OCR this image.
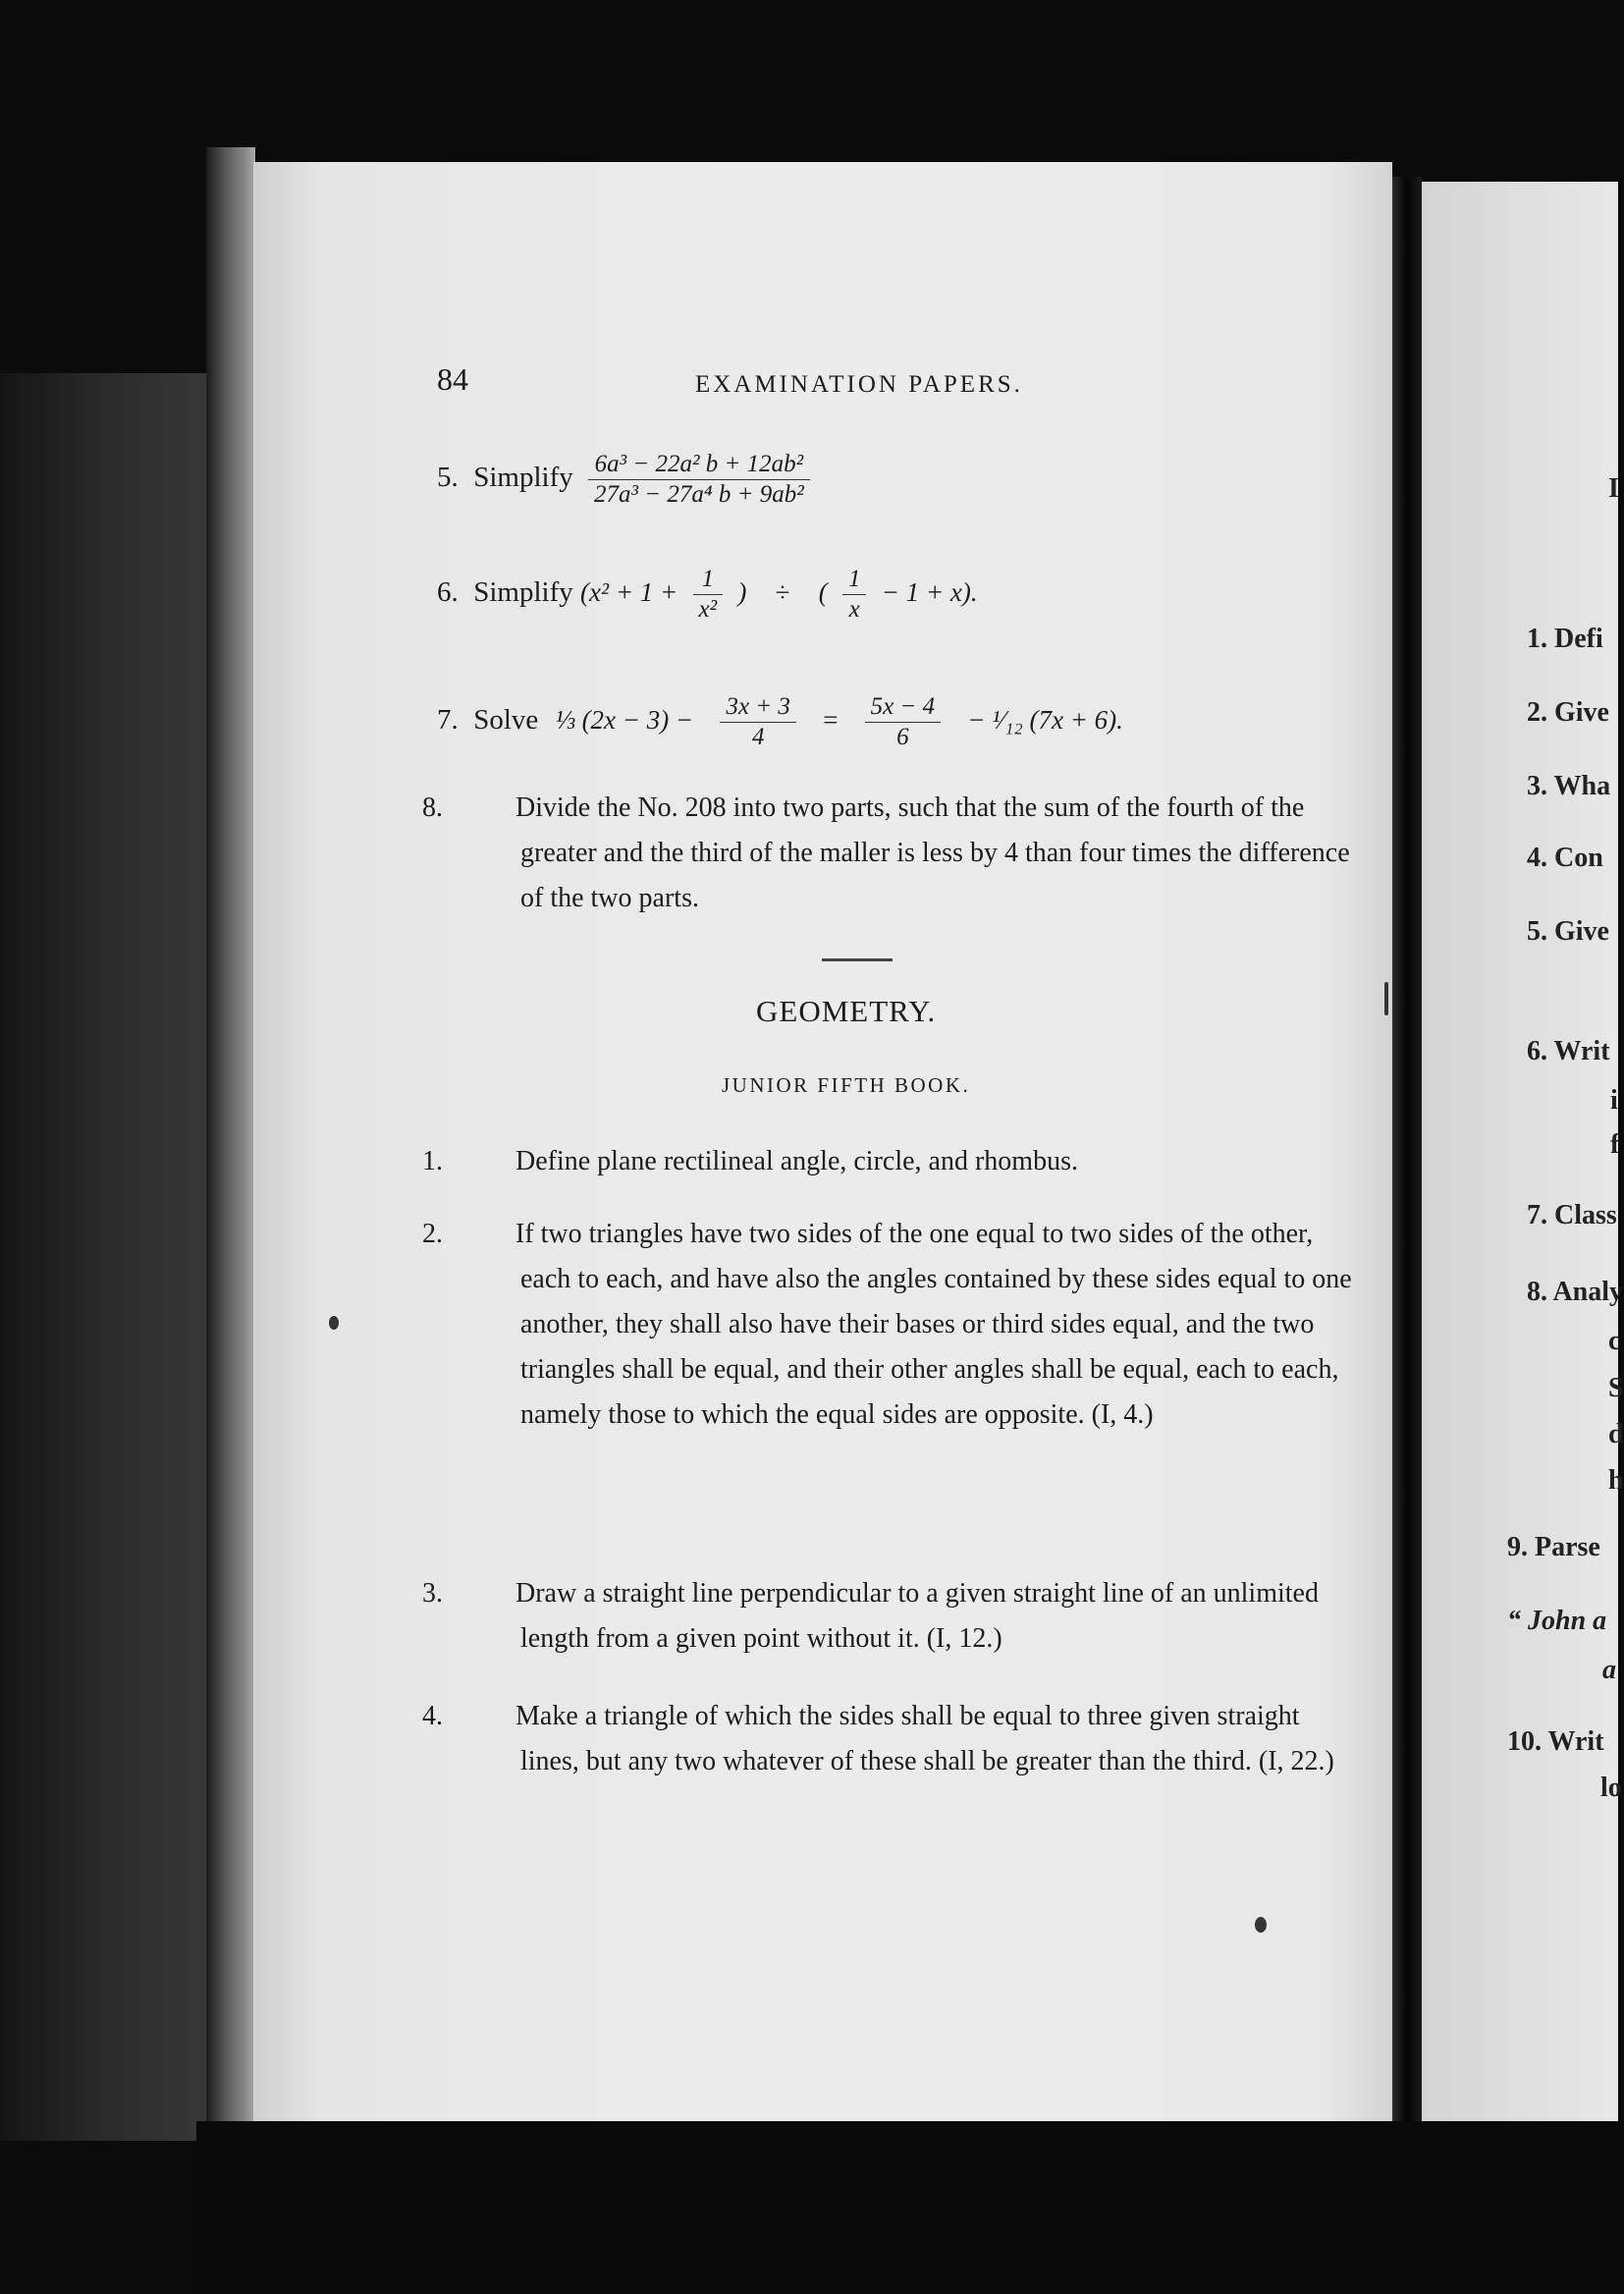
84	EXAMINATION PAPERS.
5. Simplify $\frac{\text{6a³ − 22a² b + 12ab²}}{\text{27a³ − 27a⁴ b + 9ab²}}$
6. Simplify ($x^2 + 1 + \frac{1}{\text{x²}}$ ) ÷ ( $\frac{1}{x} - 1 + x$).
7. Solve ⅓ $(2x - 3) - \frac{3x + 3}{4} = \frac{5x - 4}{6}$ − ¹⁄₁₂ (7x + 6).
8.	Divide the No. 208 into two parts, such that the sum of the fourth of the greater and the third of the maller is less by 4 than four times the difference of the two parts.
GEOMETRY.
JUNIOR FIFTH BOOK.
1.	Define plane rectilineal angle, circle, and rhombus.
2.	If two triangles have two sides of the one equal to two sides of the other, each to each, and have also the angles contained by these sides equal to one another, they shall also have their bases or third sides equal, and the two triangles shall be equal, and their other angles shall be equal, each to each, namely those to which the equal sides are opposite. (I, 4.)
3.	Draw a straight line perpendicular to a given straight line of an unlimited length from a given point without it. (I, 12.)
4.	Make a triangle of which the sides shall be equal to three given straight lines, but any two whatever of these shall be greater than the third. (I, 22.)
I
1. Defi
2. Give
3. Wha
4. Con
5. Give
6. Writ
i
f
7. Class
8. Analy
c
S
d
h
9. Parse
“ John a
a
10. Writ
lo
